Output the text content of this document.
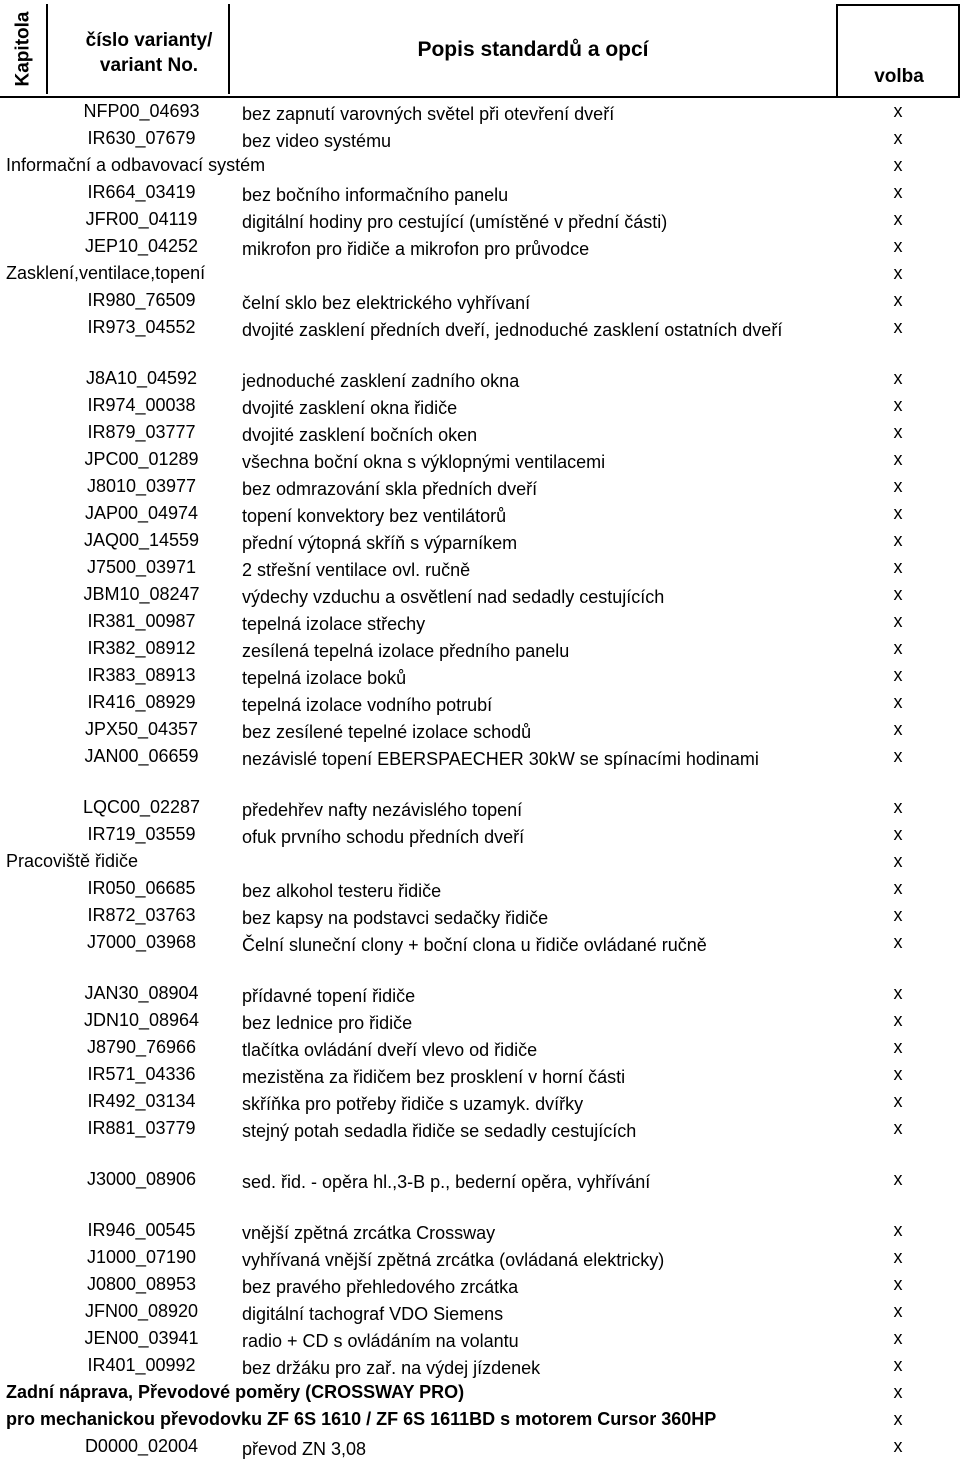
Kapitola	číslo varianty/
variant No.
Popis standardů a opcí
volba
NFP00_04693	bez zapnutí varovných světel při otevření dveří	x
IR630_07679	bez video systému	x
Informační a odbavovací systém	x
IR664_03419	bez bočního informačního panelu	x
JFR00_04119	digitální hodiny pro cestující (umístěné v přední části)	x
JEP10_04252	mikrofon pro řidiče a mikrofon pro průvodce	x
Zasklení,ventilace,topení	x
IR980_76509	čelní sklo bez elektrického vyhřívaní	x
IR973_04552	dvojité zasklení předních dveří, jednoduché zasklení ostatních dveří	x
J8A10_04592	jednoduché zasklení zadního okna	x
IR974_00038	dvojité zasklení okna řidiče	x
IR879_03777	dvojité zasklení bočních oken	x
JPC00_01289	všechna boční okna s výklopnými ventilacemi	x
J8010_03977	bez odmrazování skla předních dveří	x
JAP00_04974	topení konvektory bez ventilátorů	x
JAQ00_14559	přední výtopná skříň s výparníkem	x
J7500_03971	2 střešní ventilace ovl. ručně	x
JBM10_08247	výdechy vzduchu a osvětlení nad sedadly cestujících	x
IR381_00987	tepelná izolace střechy	x
IR382_08912	zesílená tepelná izolace předního panelu	x
IR383_08913	tepelná izolace boků	x
IR416_08929	tepelná izolace vodního potrubí	x
JPX50_04357	bez zesílené tepelné izolace schodů	x
JAN00_06659	nezávislé topení EBERSPAECHER 30kW se spínacími hodinami	x
LQC00_02287	předehřev nafty nezávislého topení	x
IR719_03559	ofuk prvního schodu předních dveří	x
Pracoviště řidiče	x
IR050_06685	bez alkohol testeru řidiče	x
IR872_03763	bez kapsy na podstavci sedačky řidiče	x
J7000_03968	Čelní sluneční clony + boční clona u řidiče ovládané ručně	x
JAN30_08904	přídavné topení řidiče	x
JDN10_08964	bez lednice pro řidiče	x
J8790_76966	tlačítka ovládání dveří vlevo od řidiče	x
IR571_04336	mezistěna za řidičem bez prosklení v horní části	x
IR492_03134	skříňka pro potřeby řidiče s uzamyk. dvířky	x
IR881_03779	stejný potah sedadla řidiče se sedadly cestujících	x
J3000_08906	sed. řid. - opěra hl.,3-B p., bederní opěra, vyhřívání	x
IR946_00545	vnější zpětná zrcátka Crossway	x
J1000_07190	vyhřívaná vnější zpětná zrcátka (ovládaná elektricky)	x
J0800_08953	bez pravého přehledového zrcátka	x
JFN00_08920	digitální tachograf VDO Siemens	x
JEN00_03941	radio + CD s ovládáním na volantu	x
IR401_00992	bez držáku pro zař. na výdej jízdenek	x
Zadní náprava, Převodové poměry (CROSSWAY PRO)	x
pro mechanickou převodovku ZF 6S 1610 / ZF 6S 1611BD s motorem Cursor 360HP	x
D0000_02004	převod ZN 3,08	x
